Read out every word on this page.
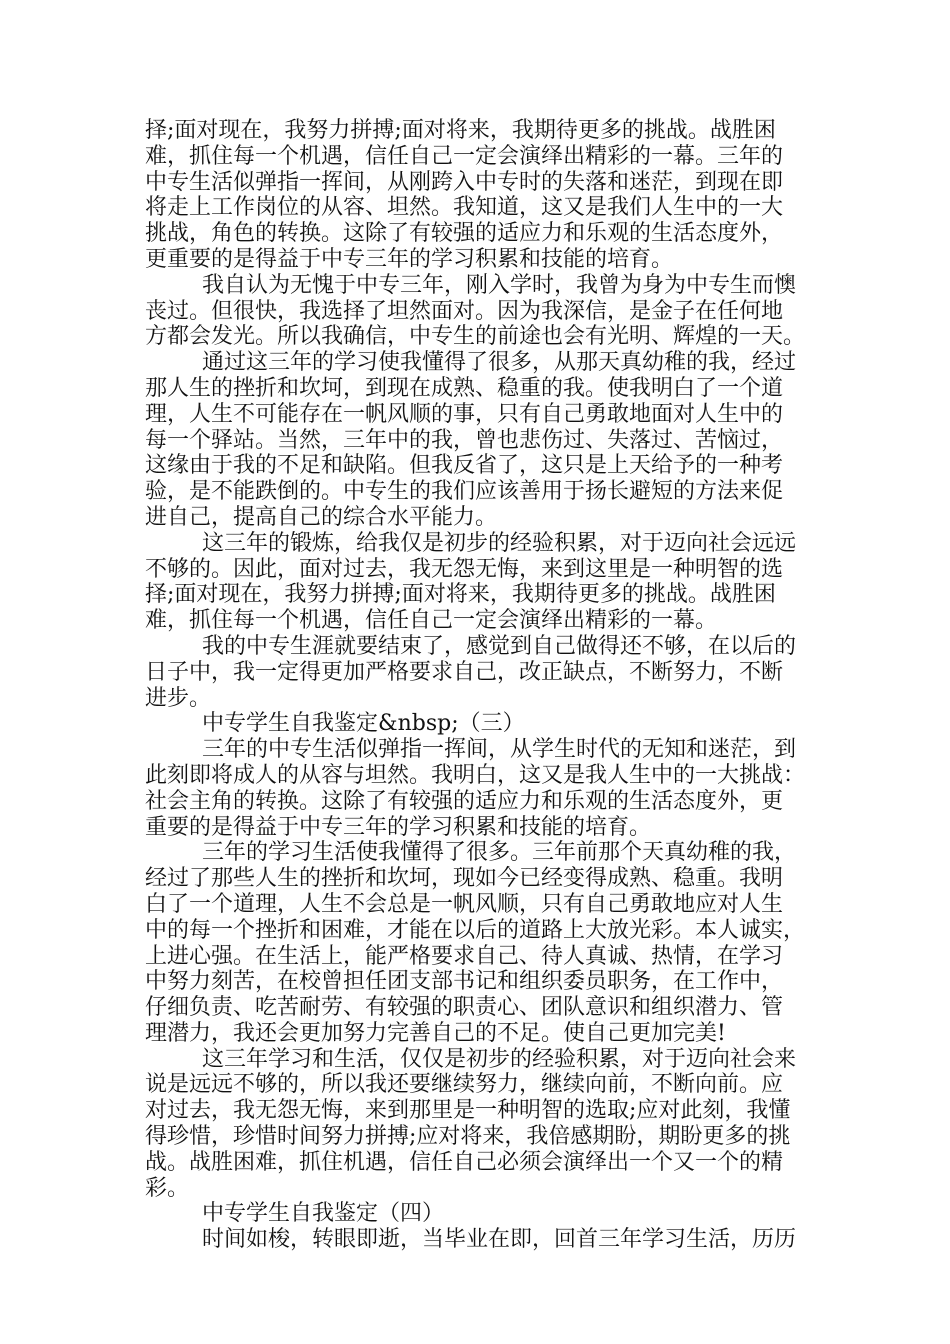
择;面对现在，我努力拼搏;面对将来，我期待更多的挑战。战胜困
难，抓住每一个机遇，信任自己一定会演绎出精彩的一幕。三年的
中专生活似弹指一挥间，从刚跨入中专时的失落和迷茫，到现在即
将走上工作岗位的从容、坦然。我知道，这又是我们人生中的一大
挑战，角色的转换。这除了有较强的适应力和乐观的生活态度外，
更重要的是得益于中专三年的学习积累和技能的培育。
我自认为无愧于中专三年，刚入学时，我曾为身为中专生而懊
丧过。但很快，我选择了坦然面对。因为我深信，是金子在任何地
方都会发光。所以我确信，中专生的前途也会有光明、辉煌的一天。
通过这三年的学习使我懂得了很多，从那天真幼稚的我，经过
那人生的挫折和坎坷，到现在成熟、稳重的我。使我明白了一个道
理，人生不可能存在一帆风顺的事，只有自己勇敢地面对人生中的
每一个驿站。当然，三年中的我，曾也悲伤过、失落过、苦恼过，
这缘由于我的不足和缺陷。但我反省了，这只是上天给予的一种考
验，是不能跌倒的。中专生的我们应该善用于扬长避短的方法来促
进自己，提高自己的综合水平能力。
这三年的锻炼，给我仅是初步的经验积累，对于迈向社会远远
不够的。因此，面对过去，我无怨无悔，来到这里是一种明智的选
择;面对现在，我努力拼搏;面对将来，我期待更多的挑战。战胜困
难，抓住每一个机遇，信任自己一定会演绎出精彩的一幕。
我的中专生涯就要结束了，感觉到自己做得还不够，在以后的
日子中，我一定得更加严格要求自己，改正缺点，不断努力，不断
进步。
中专学生自我鉴定&nbsp;（三）
三年的中专生活似弹指一挥间，从学生时代的无知和迷茫，到
此刻即将成人的从容与坦然。我明白，这又是我人生中的一大挑战：
社会主角的转换。这除了有较强的适应力和乐观的生活态度外，更
重要的是得益于中专三年的学习积累和技能的培育。
三年的学习生活使我懂得了很多。三年前那个天真幼稚的我，
经过了那些人生的挫折和坎坷，现如今已经变得成熟、稳重。我明
白了一个道理，人生不会总是一帆风顺，只有自己勇敢地应对人生
中的每一个挫折和困难，才能在以后的道路上大放光彩。本人诚实，
上进心强。在生活上，能严格要求自己、待人真诚、热情，在学习
中努力刻苦，在校曾担任团支部书记和组织委员职务，在工作中，
仔细负责、吃苦耐劳、有较强的职责心、团队意识和组织潜力、管
理潜力，我还会更加努力完善自己的不足。使自己更加完美!
这三年学习和生活，仅仅是初步的经验积累，对于迈向社会来
说是远远不够的，所以我还要继续努力，继续向前，不断向前。应
对过去，我无怨无悔，来到那里是一种明智的选取;应对此刻，我懂
得珍惜，珍惜时间努力拼搏;应对将来，我倍感期盼，期盼更多的挑
战。战胜困难，抓住机遇，信任自己必须会演绎出一个又一个的精
彩。
中专学生自我鉴定（四）
时间如梭，转眼即逝，当毕业在即，回首三年学习生活，历历
